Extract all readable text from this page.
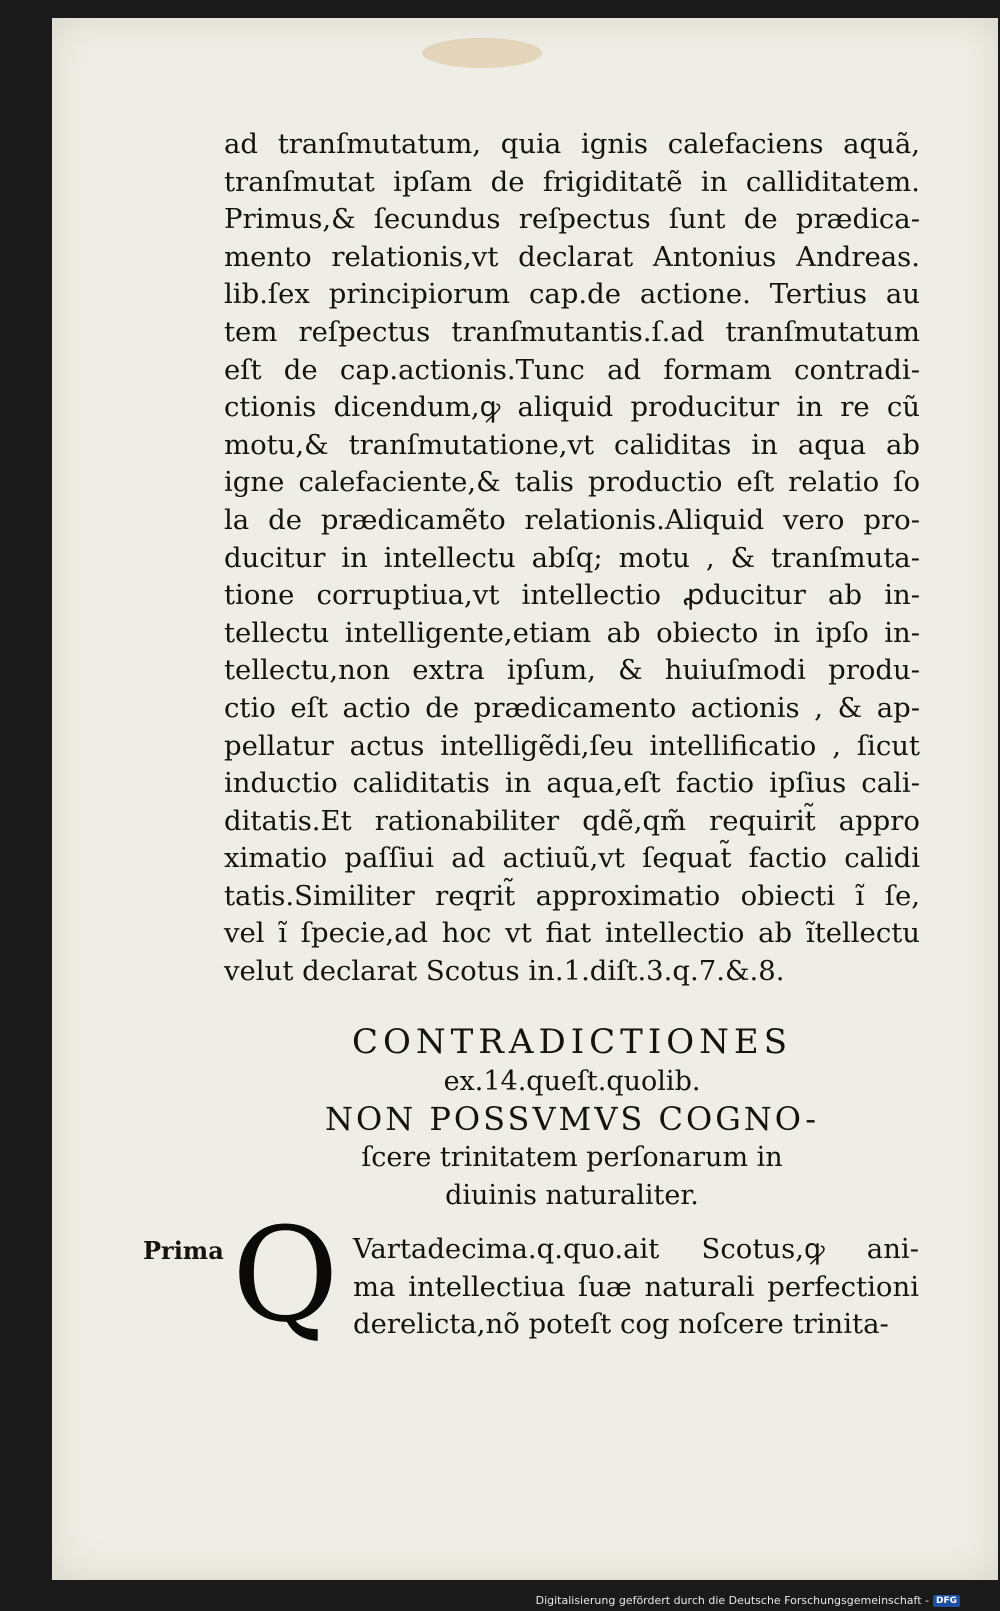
ad tranſmutatum, quia ignis calefaciens aquã,
tranſmutat ipſam de frigiditatẽ in calliditatem.
Primus,& ſecundus reſpectus ſunt de prædica-
mento relationis,vt declarat Antonius Andreas.
lib.ſex principiorum cap.de actione. Tertius au
tem reſpectus tranſmutantis.ſ.ad tranſmutatum
eſt de cap.actionis.Tunc ad formam contradi-
ctionis dicendum,ꝙ aliquid producitur in re cũ
motu,& tranſmutatione,vt caliditas in aqua ab
igne calefaciente,& talis productio eſt relatio ſo
la de prædicamẽto relationis.Aliquid vero pro-
ducitur in intellectu abſq; motu , & tranſmuta-
tione corruptiua,vt intellectio ꝓducitur ab in-
tellectu intelligente,etiam ab obiecto in ipſo in-
tellectu,non extra ipſum, & huiuſmodi produ-
ctio eſt actio de prædicamento actionis , & ap-
pellatur actus intelligẽdi,ſeu intellificatio , ſicut
inductio caliditatis in aqua,eſt factio ipſius cali-
ditatis.Et rationabiliter qdẽ,qm̃ requirit̃ appro
ximatio paſſiui ad actiuũ,vt ſequat̃ factio calidi
tatis.Similiter reqrit̃ approximatio obiecti ĩ ſe,
vel ĩ ſpecie,ad hoc vt fiat intellectio ab ĩtellectu
velut declarat Scotus in.1.diſt.3.q.7.&.8.
CONTRADICTIONES
ex.14.queſt.quolib.
NON POSSVMVS COGNO-
ſcere trinitatem perſonarum in
diuinis naturaliter.
Prima Q Vartadecima.q.quo.ait Scotus,ꝙ ani-
ma intellectiua ſuæ naturali perfectioni
derelicta,nõ poteſt cog noſcere trinita-
Digitalisierung gefördert durch die Deutsche Forschungsgemeinschaft - DFG
